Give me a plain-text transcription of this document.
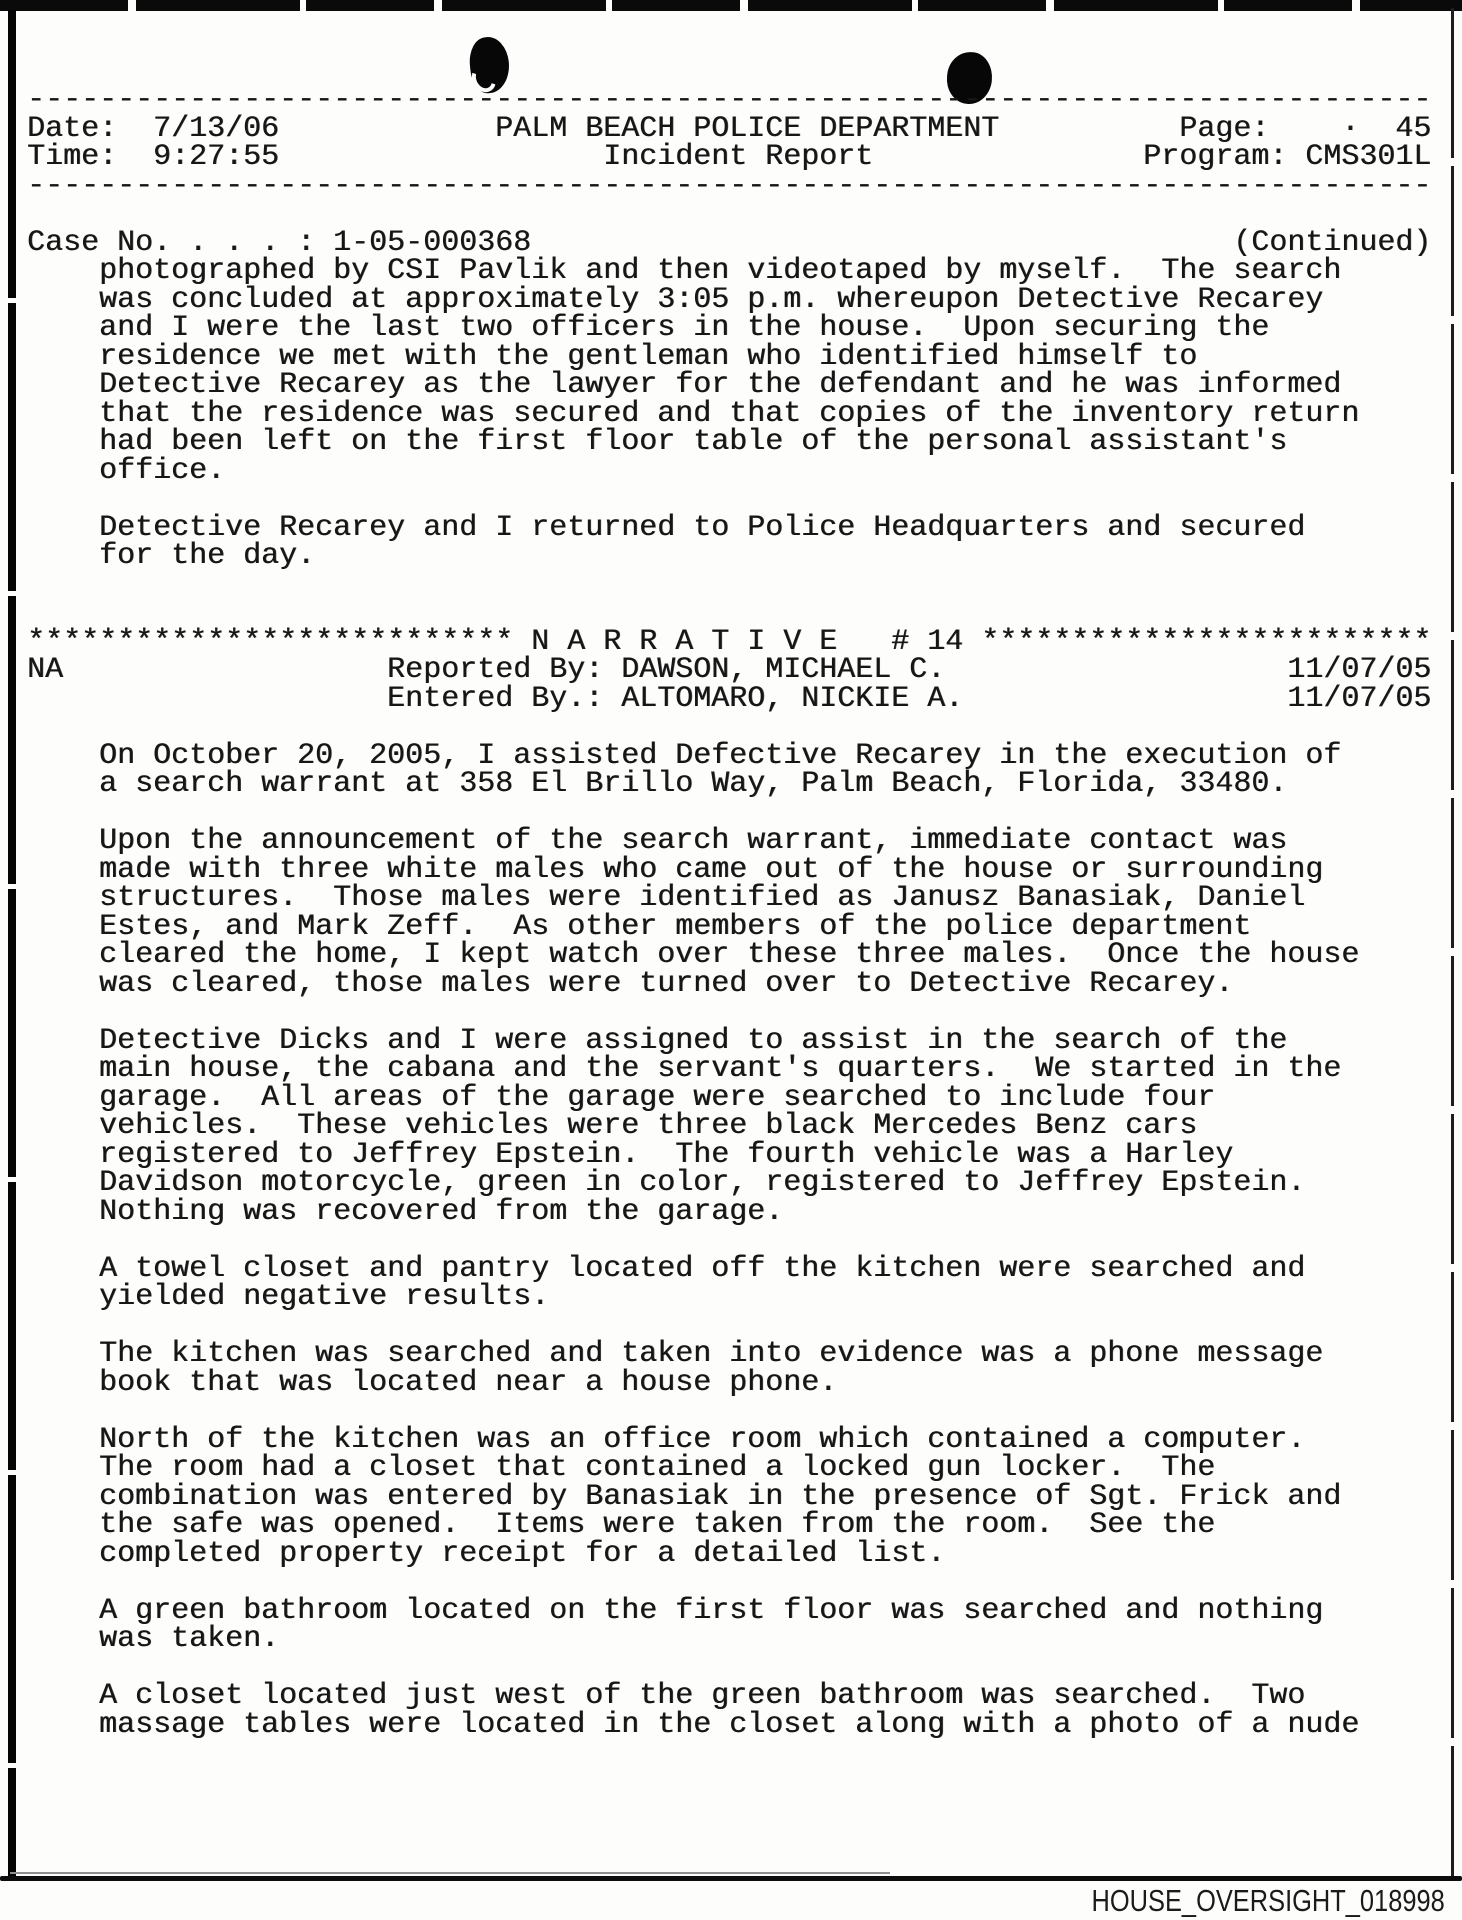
------------------------------------------------------------------------------
Date:  7/13/06            PALM BEACH POLICE DEPARTMENT          Page:    ·  45
Time:  9:27:55                  Incident Report               Program: CMS301L
------------------------------------------------------------------------------

Case No. . . . : 1-05-000368                                       (Continued)
photographed by CSI Pavlik and then videotaped by myself.  The search
was concluded at approximately 3:05 p.m. whereupon Detective Recarey
and I were the last two officers in the house.  Upon securing the
residence we met with the gentleman who identified himself to
Detective Recarey as the lawyer for the defendant and he was informed
that the residence was secured and that copies of the inventory return
had been left on the first floor table of the personal assistant's
office.

Detective Recarey and I returned to Police Headquarters and secured
for the day.

*************************** N A R R A T I V E   # 14 *************************
NA                  Reported By: DAWSON, MICHAEL C.                   11/07/05
Entered By.: ALTOMARO, NICKIE A.                  11/07/05

On October 20, 2005, I assisted Defective Recarey in the execution of
a search warrant at 358 El Brillo Way, Palm Beach, Florida, 33480.

Upon the announcement of the search warrant, immediate contact was
made with three white males who came out of the house or surrounding
structures.  Those males were identified as Janusz Banasiak, Daniel
Estes, and Mark Zeff.  As other members of the police department
cleared the home, I kept watch over these three males.  Once the house
was cleared, those males were turned over to Detective Recarey.

Detective Dicks and I were assigned to assist in the search of the
main house, the cabana and the servant's quarters.  We started in the
garage.  All areas of the garage were searched to include four
vehicles.  These vehicles were three black Mercedes Benz cars
registered to Jeffrey Epstein.  The fourth vehicle was a Harley
Davidson motorcycle, green in color, registered to Jeffrey Epstein.
Nothing was recovered from the garage.

A towel closet and pantry located off the kitchen were searched and
yielded negative results.

The kitchen was searched and taken into evidence was a phone message
book that was located near a house phone.

North of the kitchen was an office room which contained a computer.
The room had a closet that contained a locked gun locker.  The
combination was entered by Banasiak in the presence of Sgt. Frick and
the safe was opened.  Items were taken from the room.  See the
completed property receipt for a detailed list.

A green bathroom located on the first floor was searched and nothing
was taken.

A closet located just west of the green bathroom was searched.  Two
massage tables were located in the closet along with a photo of a nude
HOUSE_OVERSIGHT_018998
